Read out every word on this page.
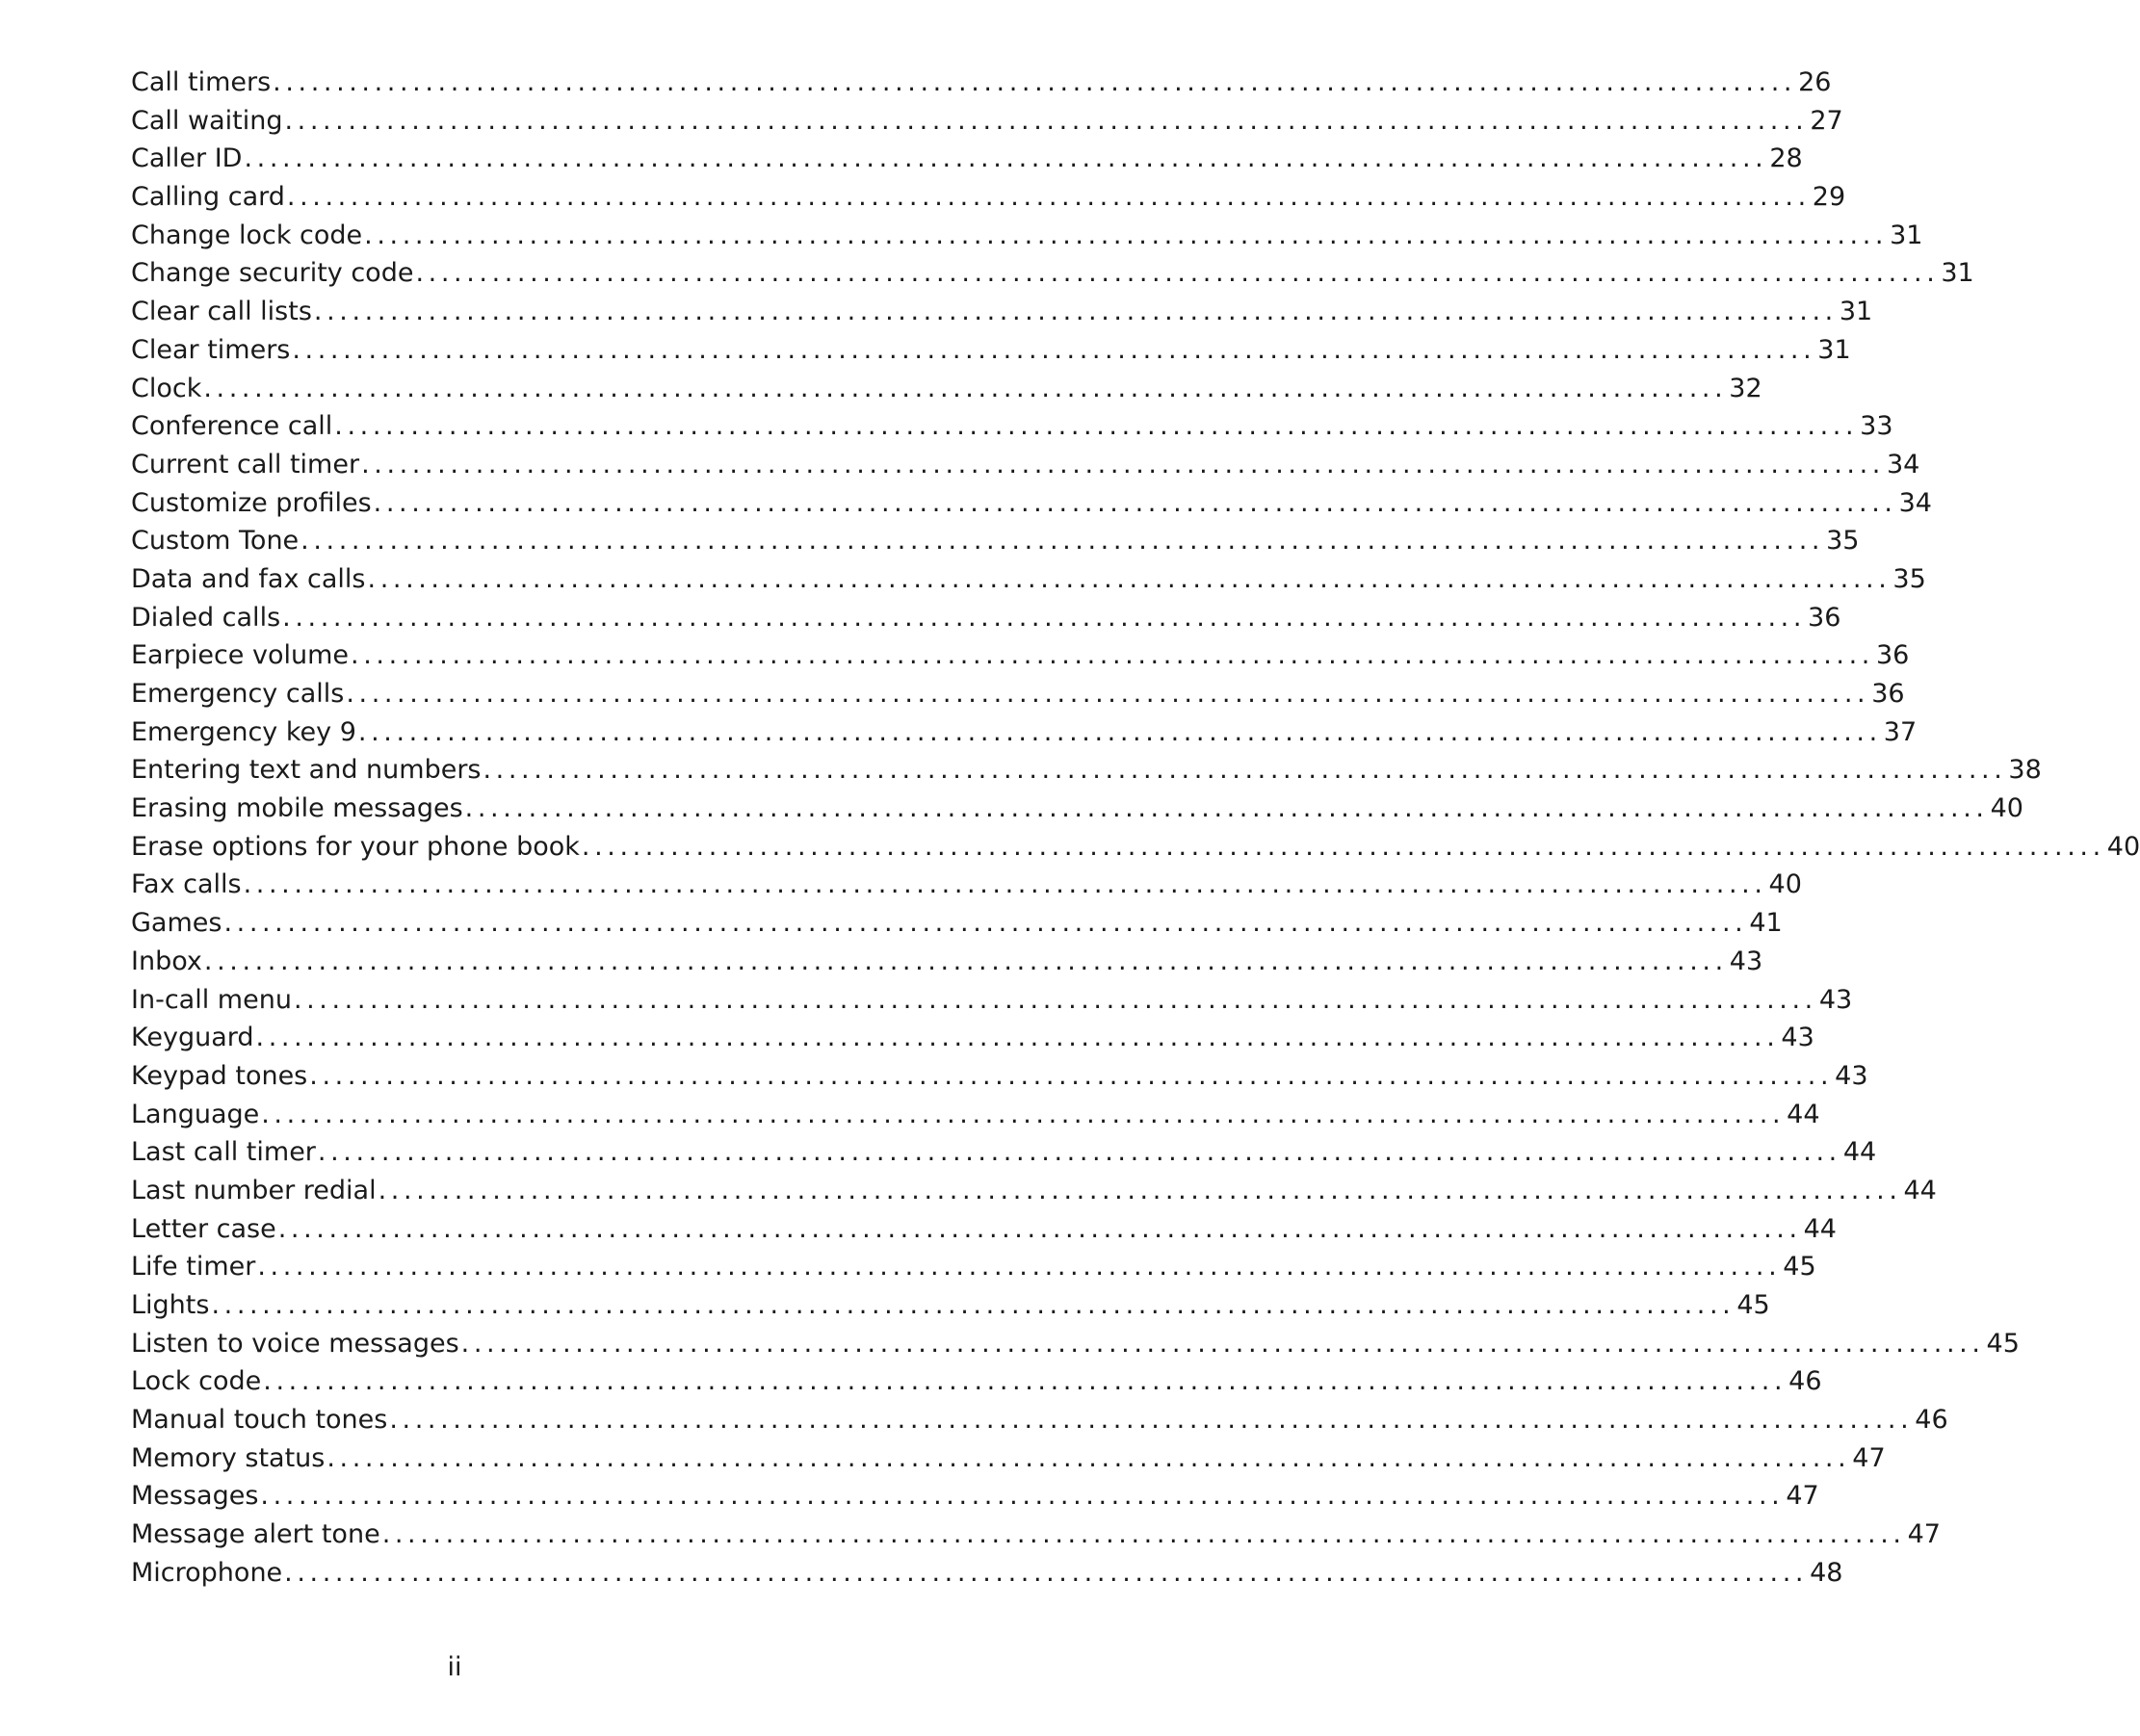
Call timers ........................................................................................................................ 26
Call waiting ........................................................................................................................ 27
Caller ID ........................................................................................................................ 28
Calling card ........................................................................................................................ 29
Change lock code ........................................................................................................................ 31
Change security code ........................................................................................................................ 31
Clear call lists ........................................................................................................................ 31
Clear timers ........................................................................................................................ 31
Clock ........................................................................................................................ 32
Conference call ........................................................................................................................ 33
Current call timer ........................................................................................................................ 34
Customize profiles ........................................................................................................................ 34
Custom Tone ........................................................................................................................ 35
Data and fax calls ........................................................................................................................ 35
Dialed calls ........................................................................................................................ 36
Earpiece volume ........................................................................................................................ 36
Emergency calls ........................................................................................................................ 36
Emergency key 9 ........................................................................................................................ 37
Entering text and numbers ........................................................................................................................ 38
Erasing mobile messages ........................................................................................................................ 40
Erase options for your phone book ........................................................................................................................ 40
Fax calls ........................................................................................................................ 40
Games ........................................................................................................................ 41
Inbox ........................................................................................................................ 43
In-call menu ........................................................................................................................ 43
Keyguard ........................................................................................................................ 43
Keypad tones ........................................................................................................................ 43
Language ........................................................................................................................ 44
Last call timer ........................................................................................................................ 44
Last number redial ........................................................................................................................ 44
Letter case ........................................................................................................................ 44
Life timer ........................................................................................................................ 45
Lights ........................................................................................................................ 45
Listen to voice messages ........................................................................................................................ 45
Lock code ........................................................................................................................ 46
Manual touch tones ........................................................................................................................ 46
Memory status ........................................................................................................................ 47
Messages ........................................................................................................................ 47
Message alert tone ........................................................................................................................ 47
Microphone ........................................................................................................................ 48
ii
